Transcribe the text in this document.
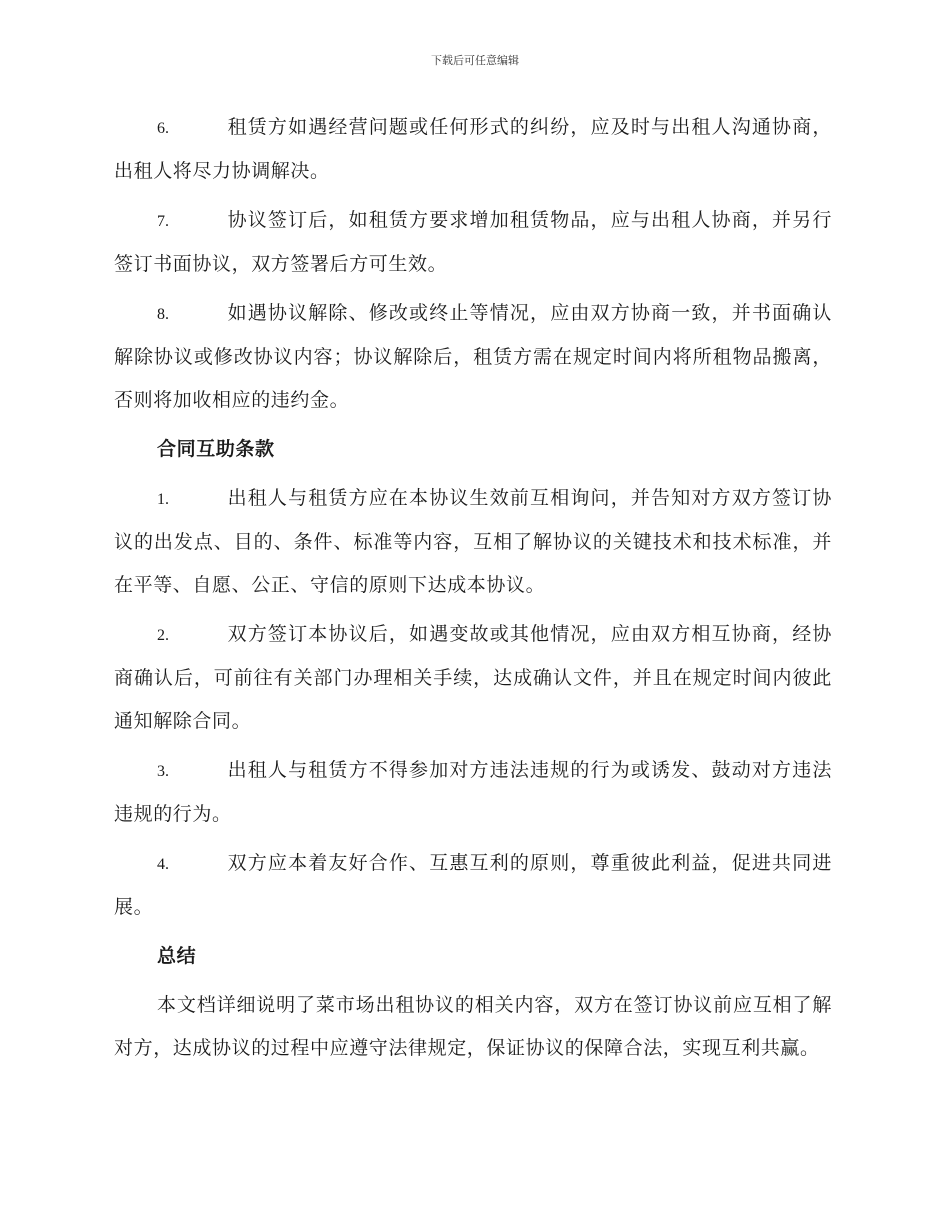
下载后可任意编辑

6.	租赁方如遇经营问题或任何形式的纠纷，应及时与出租人沟通协商，出租人将尽力协调解决。

7.	协议签订后，如租赁方要求增加租赁物品，应与出租人协商，并另行签订书面协议，双方签署后方可生效。

8.	如遇协议解除、修改或终止等情况，应由双方协商一致，并书面确认解除协议或修改协议内容；协议解除后，租赁方需在规定时间内将所租物品搬离，否则将加收相应的违约金。

合同互助条款

1.	出租人与租赁方应在本协议生效前互相询问，并告知对方双方签订协议的出发点、目的、条件、标准等内容，互相了解协议的关键技术和技术标准，并在平等、自愿、公正、守信的原则下达成本协议。

2.	双方签订本协议后，如遇变故或其他情况，应由双方相互协商，经协商确认后，可前往有关部门办理相关手续，达成确认文件，并且在规定时间内彼此通知解除合同。

3.	出租人与租赁方不得参加对方违法违规的行为或诱发、鼓动对方违法违规的行为。

4.	双方应本着友好合作、互惠互利的原则，尊重彼此利益，促进共同进展。

总结

本文档详细说明了菜市场出租协议的相关内容，双方在签订协议前应互相了解对方，达成协议的过程中应遵守法律规定，保证协议的保障合法，实现互利共赢。
